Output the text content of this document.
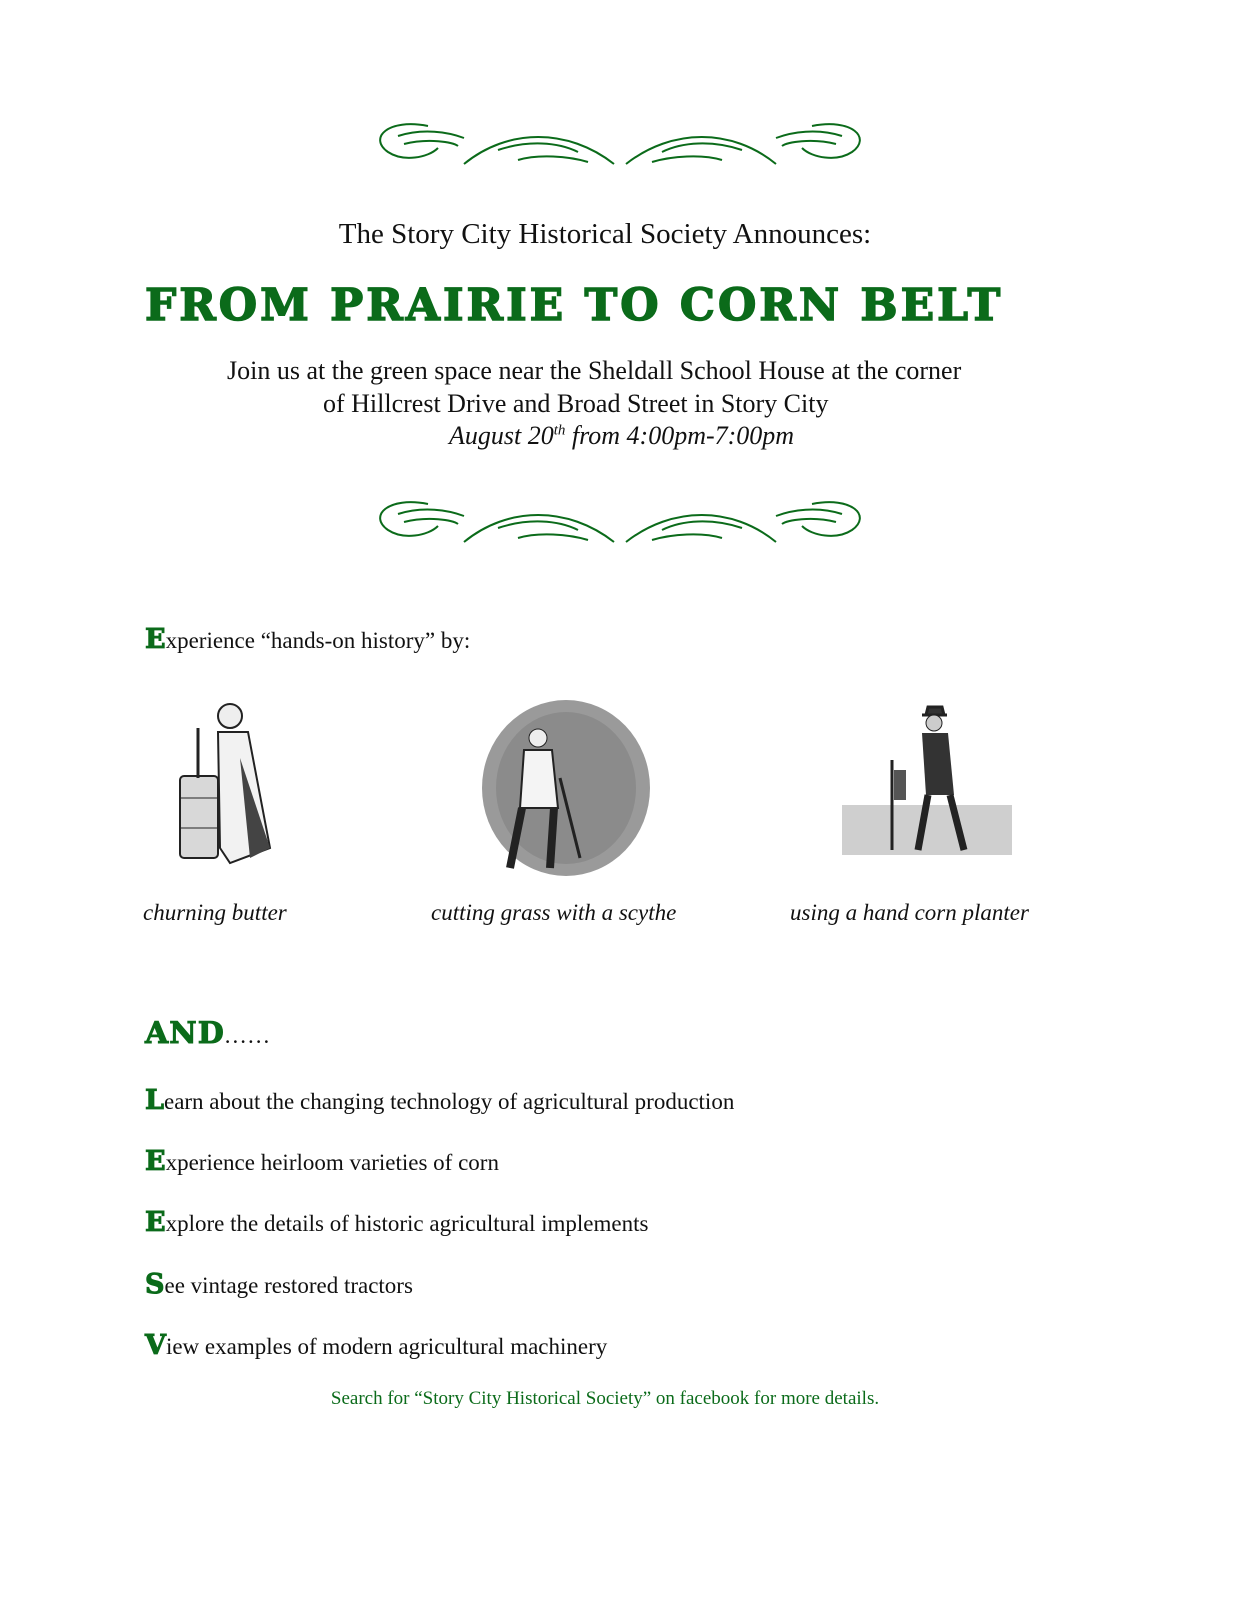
The Story City Historical Society Announces:
FROM PRAIRIE TO CORN BELT
Join us at the green space near the Sheldall School House at the corner
of Hillcrest Drive and Broad Street in Story City
August 20th from 4:00pm-7:00pm
Experience “hands-on history” by:
churning butter	cutting grass with a scythe	using a hand corn planter
AND......
Learn about the changing technology of agricultural production
Experience heirloom varieties of corn
Explore the details of historic agricultural implements
See vintage restored tractors
View examples of modern agricultural machinery
Search for “Story City Historical Society” on facebook for more details.
